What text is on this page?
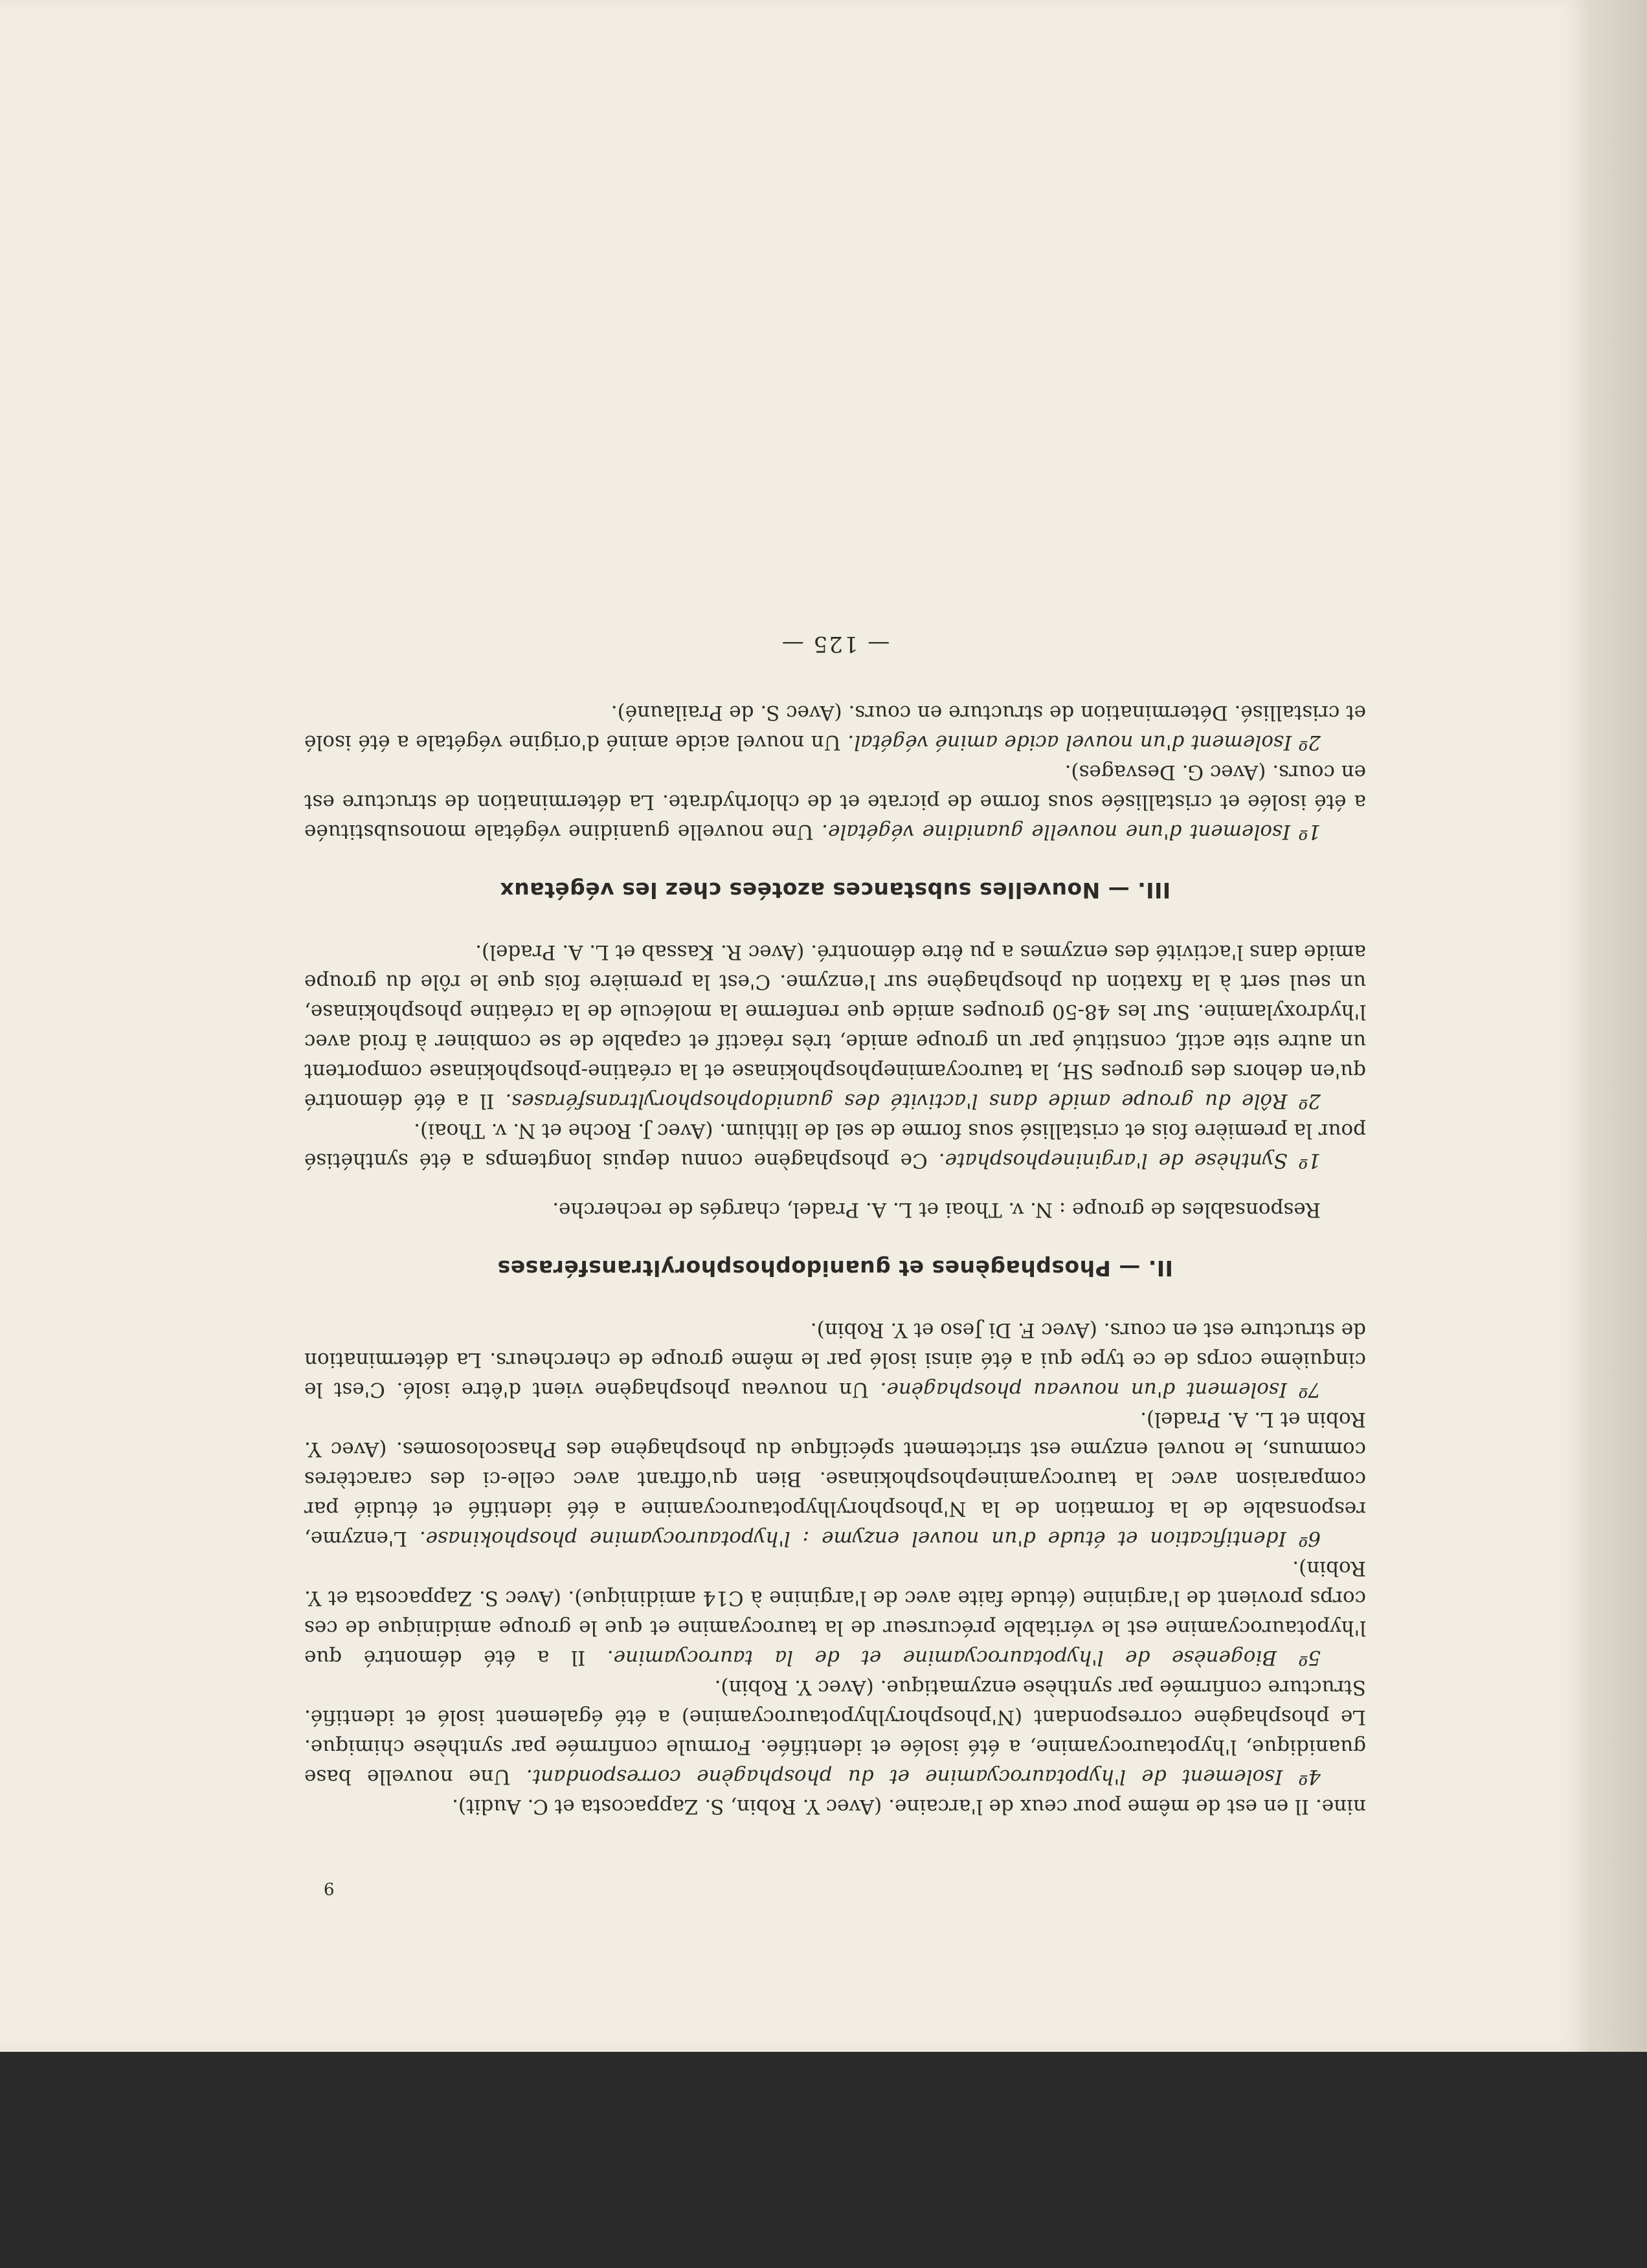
9

nine. Il en est de même pour ceux de l'arcaine. (Avec Y. Robin, S. Zappacosta et C. Audit).

4º Isolement de l'hypotaurocyamine et du phosphagène correspondant. Une nouvelle base guanidique, l'hypotaurocyamine, a été isolée et identifiée. Formule confirmée par synthèse chimique. Le phosphagène correspondant (N'phosphorylhypotaurocyamine) a été également isolé et identifié. Structure confirmée par synthèse enzymatique. (Avec Y. Robin).

5º Biogenèse de l'hypotaurocyamine et de la taurocyamine. Il a été démontré que l'hypotaurocyamine est le véritable précurseur de la taurocyamine et que le groupe amidinique de ces corps provient de l'arginine (étude faite avec de l'arginine à C14 amidinique). (Avec S. Zappacosta et Y. Robin).

6º Identification et étude d'un nouvel enzyme : l'hypotaurocyamine phosphokinase. L'enzyme, responsable de la formation de la N'phosphorylhypotaurocyamine a été identifié et étudié par comparaison avec la taurocyaminephosphokinase. Bien qu'offrant avec celle-ci des caractères communs, le nouvel enzyme est strictement spécifique du phosphagène des Phascolosomes. (Avec Y. Robin et L. A. Pradel).

7º Isolement d'un nouveau phosphagène. Un nouveau phosphagène vient d'être isolé. C'est le cinquième corps de ce type qui a été ainsi isolé par le même groupe de chercheurs. La détermination de structure est en cours. (Avec F. Di Jeso et Y. Robin).

II. — Phosphagènes et guanidophosphoryltransférases

Responsables de groupe : N. v. Thoai et L. A. Pradel, chargés de recherche.

1º Synthèse de l'argininephosphate. Ce phosphagène connu depuis longtemps a été synthétisé pour la première fois et cristallisé sous forme de sel de lithium. (Avec J. Roche et N. v. Thoai).

2º Rôle du groupe amide dans l'activité des guanidophosphoryltransférases. Il a été démontré qu'en dehors des groupes SH, la taurocyaminephosphokinase et la créatine-phosphokinase comportent un autre site actif, constitué par un groupe amide, très réactif et capable de se combiner à froid avec l'hydroxylamine. Sur les 48-50 groupes amide que renferme la molécule de la créatine phosphokinase, un seul sert à la fixation du phosphagène sur l'enzyme. C'est la première fois que le rôle du groupe amide dans l'activité des enzymes a pu être démontré. (Avec R. Kassab et L. A. Pradel).

III. — Nouvelles substances azotées chez les végétaux

1º Isolement d'une nouvelle guanidine végétale. Une nouvelle guanidine végétale monosubstituée a été isolée et cristallisée sous forme de picrate et de chlorhydrate. La détermination de structure est en cours. (Avec G. Desvages).

2º Isolement d'un nouvel acide aminé végétal. Un nouvel acide aminé d'origine végétale a été isolé et cristallisé. Détermination de structure en cours. (Avec S. de Prailauné).

— 125 —
